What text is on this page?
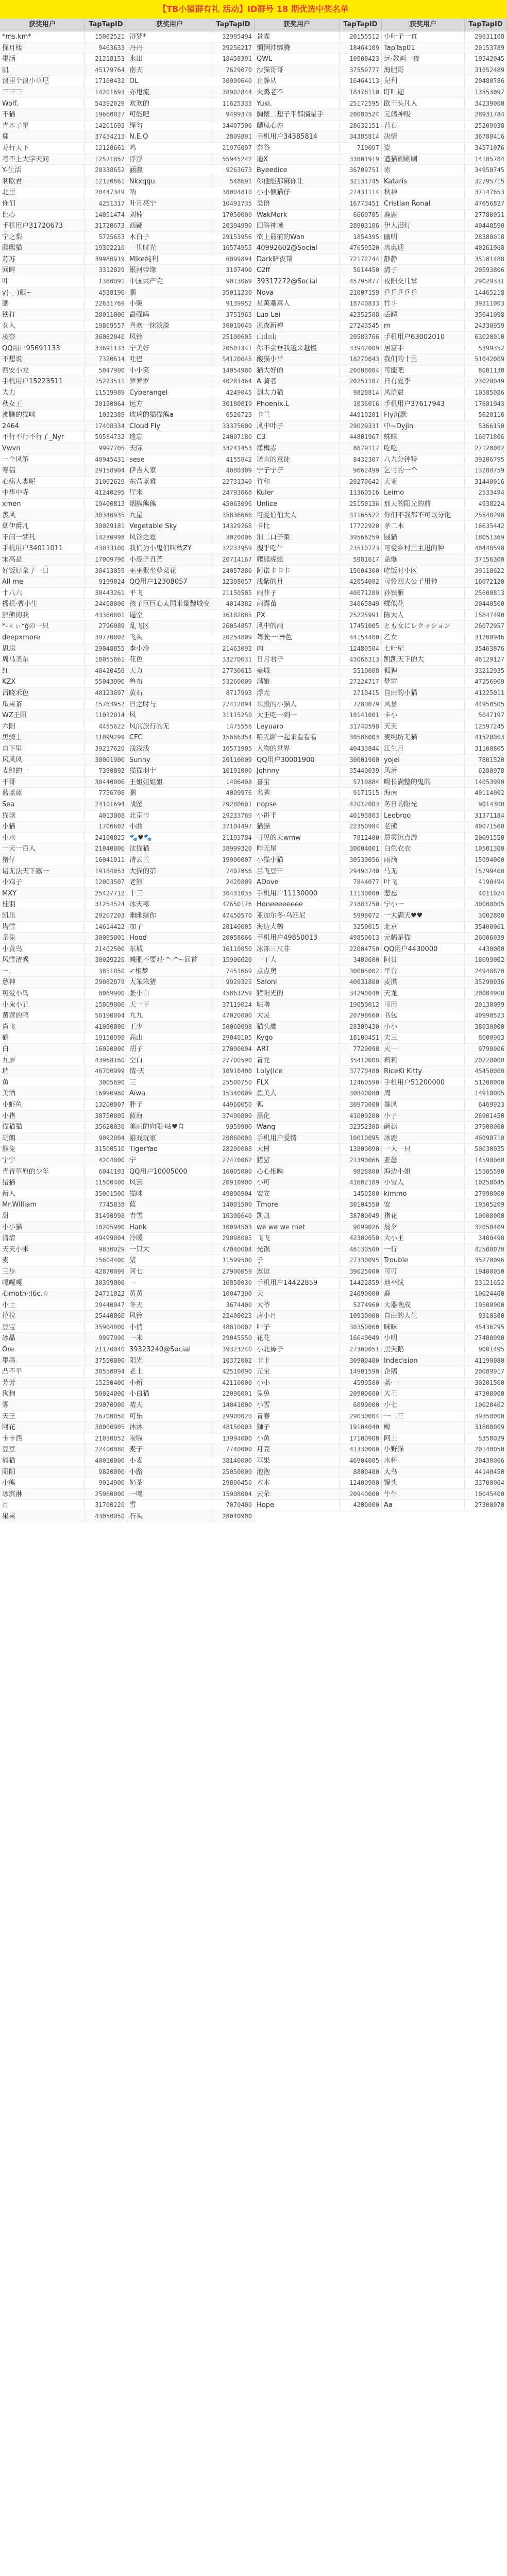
【TB小猿群有礼 活动】ID群号 18 期优选中奖名单
获奖用户	TapTapID	获奖用户	TapTapID	获奖用户	TapTapID	获奖用户	TapTapID
*ms.km*	15062521 浔梦*	32995494 景霖	20155512 小叶子一直	29831108
探月楼	9463633 丹丹	29256217 惘惘沖绑腾	18464109 TapTap01	20153789
墨涵	21218153 水田	18458391 QWL	10900423 远·教画一夜	19542045
凯	45179764 南天	7629070 沙猫哥哥	37559777 海胆哥	31052489
浪里个浪小草尼	17160432 OL	30909640 止静从	16464113 兒利	20480786
三三三	14201693 亦甩流	38902844 火鸡老不	18478110 盯叶迦	13553097
Wolf.	54392029 欢欢的	11625333 Yuki.	25172595 欧干头凡人	34239000
不猫	19660027 可能吧	9499379 胸懷二想子平都摘星手	20080524 元鹤神唆	28931784
青木子星	14201693 绳匀	34407506 麟凤心亦	28632151 苔石	25209038
鹿	37434213 N.E.O	2809891 手机用户34385814	34385814 决情	36780416
龙行天下	12120661 鸣	21976097 奈谷	710097 姿	34571076
考不上大学天问	12571857 浮浮	55945242 迪X	33801919 遭猫刷刷刷	14185784
Y-生活	20338652 涵瀛	9263673 Byeedice	36709751 赤	34950745
利欧君	12120661 Nkxqqu	548691 你他能那麻你让	32131745 Kataris	32795715
北里	20447349 呐	30004810 小小懒猫仔	27431114 秋神	37147653
你们	4251317 叶月亮宁	10491735 吴语	16773451 Cristian Ronal	47656827
比心	14051474 刘楠	17050000 WakMork	6669705 鹿鹿	27780051
手机用户31720673	31720673 西翩	20394990 回答神域	28903106 伊人泪灯	40440590
宁之梨	5725653 木白子	29153956 欲上最前的Wan	1854395 幽明	28380018
熙熙猫	19302210 一世时光	16574955 40992602@Social	47659520 离奥通	40261968
苏苏	39980919 Mike纯利	6099894 Dark暗夜帮	72172744 静静	35181488
回眸	3312829 银河帝缘	3107490 C2ff	5014450 清子	20593806
叶	1360091 中国共产党	9013069 39317272@Social	45795877 夜阳交几掌	29029331
y(-_-)眼~	4538190 鹏	35011230 Nova	21007159 乒乒乒乒乒	14465218
鹏	22631769 小贩	9139952 星萬藁萬人	18740833 竹斗	39311003
铁打	28011006 最强吗	3751963 Luo Lei	42352508 丢鳄	35041098
女人	19869557 喜欢一抹淡淡	30010049 夙夜新禅	27243545 m	24330959
凌奈	36082040 风铃	25100605 山山山	20583766 手机用户63002010	63020010
QQ用户95691133	33691133 宁美好	20501341 你不会垂我越来越慢	33942009 居富手	5399352
不想说	7320614 吐巴	54120045 酸猫小平	18270043 我们的十里	51042009
西安小龙	5047900 小小笑	14054980 猫大好的	20008084 可能吧	8001130
手机用户15223511	15223511 罗罗罗	40281464 A 骑者	20251107 日有夏季	23020049
大力	11519989 Cyberangel	4249045 剑大力猫	9828814 风语晨	10585086
秋女王	20190064 远方	30180019 Phoenix.L	1036016 手机用户37617943	17681943
沸腾的猫咪	1032389 玻璃的猫猫熊a	6526723 卡兰	44910201 Fly沉默	5620116
2464	17408334 Cloud Fly	33375600 风中叶子	29029331 中~Dyjin	5366150
不行不行不行了_Nyr	59584732 遗忘	24007180 C3	44801967 蛛蛛	16071806
Vwvn	9997705 天际	33241453 潇梅赤	8679117 吃吃	27120002
一个风筝	40945431 sese	4155842 诺言的意徒	8432307 八九分钟特	39206795
寿福	29158904 伊吉人家	4080309 宁子宁子	9662499 乞丐的一个	13288759
心痛人类呢	31092629 东营蓝雅	22731340 竹和	20270642 天亚	31440016
中华中寺	41240295 厅米	24793068 Kuler	11360516 Leimo	2533494
xmen	19400813 烟熊熊熊	45063096 Unlice	25150136 那天的阳光的前	4938224
羡风	30340935 九星	35836666 可爱伯伯大人	31165522 你们不我都不可以分化	25540290
烟伊爵凡	30029181 Vegetable Sky	14329268 卡比	17722920 茅二木	16635442
不问一梦凡	14230998 风铃之夏	3020006 泪二口子菜	39566259 圆猫	18051369
手机用户34011011	43033100 我们为小鬼们叫秋ZY	32233959 搜乎吃牛	23510723 可爱乡村里主迅的种	40440590
宋高是	17009790 小庞子丑芒	20714167 爬熊虎炫	5981617 盖爆	37156300
好饭好菜子一日	30413059 巫巫猴坐萝菜花	24057880 阿诺卡卡卡	15004300 吃饭时小区	39118622
All me	9199024 QQ用户12308057	12308057 浅紫的月	42054002 可怜四大公子用神	16072120
十八六	38443261 平飞	21150505 雨菲子	40071209 孙铁雁	25600813
播机·曹小生	24498006 孩子巨巨心太国米量魏城变	4014382 雨露苗	34065849 蝶似花	20440500
熊熊的我	43360801 逼空	36182085 PX	25225991 陈大人	15847490
*-ㄨぃ*ǵの一只	2796089 乱飞区	26054857 风中的雨	17451005 とも女にレクッション	26072957
deepxmore	39770802 飞头	20254809 驾驶一·异色	44154400 乙女	31200946
思思	29048855 李小冷	21463092 肉	12480504 七叶杞	35463876
周马圣东	18055661 花色	33270031 日月君子	43066313 凯凯天下的大	46129127
红	40420459 天力	27730015 蛊城	5519008 狐狸	33212935
KZX	55043996 鲁布	53260009 满娘	27224717 梦雷	47256909
吕晓禾色	40123697 黄石	8717993 浮无	2710415 自由的小猫	41225011
瓜果茶	15763952 日之时与	27412094 东殿的小猫人	7280079 风暴	44950505
WZ王阳	11032014 风	31115250 大王吃一到一	10141001 卡小	5047197
六阳	4455622 风的旅行的无	1475556 Leyuaro	31740598 天天	12597245
黑骑士	11099299 CFC	15666354 哈无聊一起来看看看	30586003 麦纯坊无猫	41520003
自下里	39217620 浅浅浅	16571905 人物的世界	40433844 江生月	31100805
风风风	30001900 Sunny	20110009 QQ用户30001900	30001900 yojei	7801520
麦纯的一	7390002 猫猫羽十	10101000 Johnny	35440039 风萧	6280978
干哥	30440006 王姐姐姐姐	1406408 喜宝	5719884 喝长满整的鬼的	14053990
蓝蓝蓝	7756708 鹏	4009976 名牌	9171515 海南	40114002
Sea	24101694 战图	29280601 nopse	42012003 冬日的阳光	9014300
猫球	4013008 北京市	29233769 小饼干	40193803 Leobroo	31371184
小猫	1706602 小曲	37104497 猫猫	22350984 老熊	40071560
小水	24100025 🐾♥🐾	21193784 可见的天wmw	7812400 晨雾沉点游	20091550
一天一百人	21040006 沈猫猫	38999320 昨无尾	30004001 白色衣衣	10501300
猪仔	16041911 清云兰	19900007 小猫小猫	30530056 雨滴	15094000
诸无法天下塞一	19184053 大猫的第	7407856 当飞豆干	29493740 马无	15799400
小鸡子	12003507 老熊	2420809 ADove	7844077 叶飞	4190494
MXY	25427712 十三	30431035 手机用户11130000	11130000 悲忘	4011024
桂羽	31254524 冰天寒	47650176 Honeeeeeeee	21883750 宁小一	30080005
凯乐	29207203 幽幽绿你	47450570 亚加尔冬·乌四尼	5998072 一大满天♥♥	3002800
塔雪	14614422 加子	20149005 海边大鹤	3250015 北京	35400061
亲兔	30095001 Hood	20058066 手机用户49850013	49850013 元鹤是猫	26006039
小黄鸟	21402500 东城	16110050 冰冻三尺非	22004750 QQ用户4430000	4430000
风雪清秀	30029220 减肥不要对·^-^~回首	15906620 一丁人	3400600 阿日	18099002
一.	3851850 ✓相梦	7451669 点点奥	30005002 平台	24948870
愁神	29082079 大笨笨猪	9929325 Saloni	40031800 麦淇	35290036
可爱小鸟	8069900 张小白	45863259 猪阳光的	34290040 天龙	20004900
小鬼小丑	15809006 天一下	37119024 咕噜	19050012 可用	20130099
黄黄的鸭	50190004 九九	47020000 大灵	20798660 书包	40998523
肖飞	41090000 王少	50060098 猫头鹰	28309430 小小	38030000
鹤	19150998 高山	29040105 Kygo	18100451 夫三	8000903
白	16020000 胡子	27000094 ART	7720098 天一	9790006
九岁	43968160 空白	27700590 青龙	35410008 莉莉	20220000
瑞	46700999 情·天	10910400 Loly(Ice	37770400 RiceKi Kitty	45450000
鱼	3005690 三	25500750 FLX	12460590 手机用户51200000	51200000
美酒	16990980 Aiwa	15340009 鱼美人	30840080 周	14910005
小虾鱼	13200007 胖子	44960050 狐	30970000 暴风	6469923
小猪	30750005 蓝海	37490800 黑化	41009200 小子	26901450
猫猫猫	35620030 美丽的向阳·咕♥自	9959900 Wang	32352308 蘑菇	37900000
胡朗	9092004 游戏玩家	20860000 手机用户爱情	10010095 冰鹿	46090710
熊兔	31500510 TigerYao	28200008 大树	13800090 一大一只	50030035
宇宇	4204000 宁	27470062 猪猪	21390066 亚瑟	14590060
青青草原的少年	6041193 QQ用户10005000	10005000 心心相映	9828800 海边小姐	15505590
猪猫	11500400 风云	20910900 小可	41602109 小雪人	10250045
新人	35001500 猫咪	49800904 安安	1450500 kimmo	27990000
Mr.William	7745038 蓝	14001500 Tmore	30104550 安	19505209
甜	31490998 青雪	10300640 凯凯	38700049 猪花	10008000
小小猫	10205900 Hank	10094503 we we we met	9099026 晨夕	32050409
清清	49499004 冷暖	29098005 飞飞	42300050 大小王	3400490
天天小米	9830029 一只大	47040004 光锅	46130500 一行	42500070
麦	15604400 猪	11599500 子	27330095 Trouble	35270096
三步	42870099 阿七	27900059 逗逗	39025000 可可	19400050
嘎嘎嘎	30399000 一	16850030 手机用户14422859	14422859 地平线	23121652
心moth·:i6c.☆	24731022 黄黄	10047390 天	24090000 鹿	10024400
小土	29440047 冬天	3674400 大爷	5274960 大器晚成	19500900
拉拉	25440060 风铃	22400023 唐小月	10930000 自由的人生	9310300
豆宝	35904000 小俏	48810002 叶子	30350060 咪咪	45436295
冰晶	9997990 一米	29045550 花花	16640049 小明	27480090
Ore	21170040 39323240@Social	39323240 小北鼻子	27300051 黑天鹅	9001495
墨墨	37550000 阳光	10372002 卡卡	30900400 Indecision	41190080
凸不平	30550094 老土	42510090 元宝	14901590 企鹅	20089917
芳芳	15230400 小新	42110000 小小	4599500 蓝·一	30201500
狗狗	50024000 小白猫	22096001 兔兔	20900600 大王	47300000
雾	29070900 晴天	14041000 小雪	6099000 小七	10020402
天王	26700050 可乐	29900020 青春	29030004 一二三	39350000
阿花	30000905 沐沐	48150003 狮子	19104040 鲸	31800009
卡卡西	21030052 啦啦	13994000 小鱼	17100900 阿土	5350029
豆豆	22400080 麦子	7740000 月亮	41330000 小野猫	20140050
熊猫	40010000 小麦	38140000 苹果	46904005 水杯	30430006
阳阳	9820000 小路	25050000 泡泡	8800400 大鸟	44140450
小熊	9014900 奶茶	29800450 木木	12400900 馒头	33700004
冰淇淋	25960000 一鸣	15908004 云朵	20940000 牛牛	10045400
月	31700220 雪	7070400 Hope	4200000 Aa	27300070
果果	43050050 石头	28040900
